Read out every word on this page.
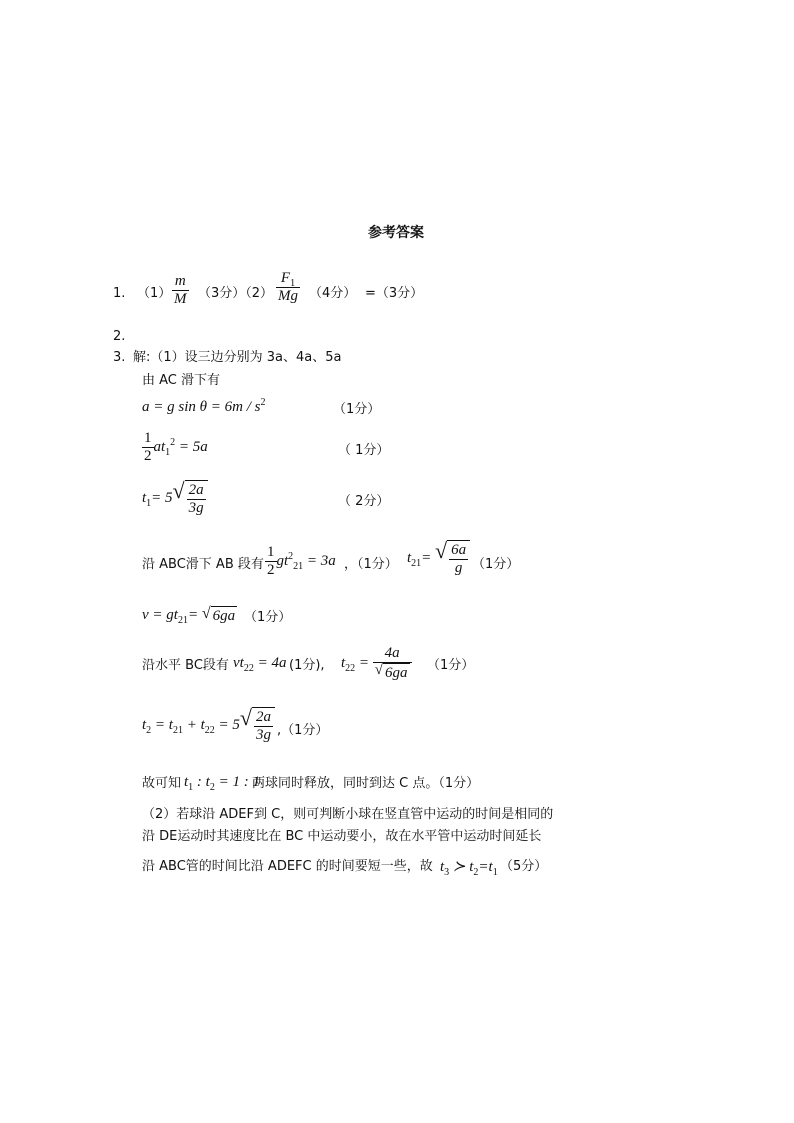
参考答案
1. $(1) \frac{m}{M} (3$分）$(2) \frac{F_1}{Mg} (4$分） =（3分）
2.
3. 解:（1）设三边分别为 3a、4a、5a
由 AC 滑下有
a = g $\sin \theta = 6m / s^2$	（1分）
$\frac{1}{2} at_1^2 = 5a$	（ 1分）
$t_1= 5$ √ $\frac{2a}{3g}$	（ 2分）
沿 ABC滑下 AB 段有 $\frac{1}{2} gt^2_{21} = 3a$ ，（1分） $t_{21}=$ √ $\frac{6a}{g} (1$分）
$v = gt_{21}=$ √ 6ga （1分）
沿水平 BC段有 $vt_{22} = 4a$ (1分), $t_{22} = \frac{4a}{√ 6ga} (1$分）
$t_2 = t_{21} + t_{22} = 5$ √ $\frac{2a}{3g} ,(1$分）
故可知 $t_1$ : $t_2 = 1$ : 1
两球同时释放，同时到达 C 点。（1分）
（2）若球沿 ADEF到 C，则可判断小球在竖直管中运动的时间是相同的
沿 DE运动时其速度比在 BC 中运动要小，故在水平管中运动时间延长
沿 ABC管的时间比沿 ADEFC 的时间要短一些，故 $t_3$ ≻ $t_2=t_1$ （5分）
